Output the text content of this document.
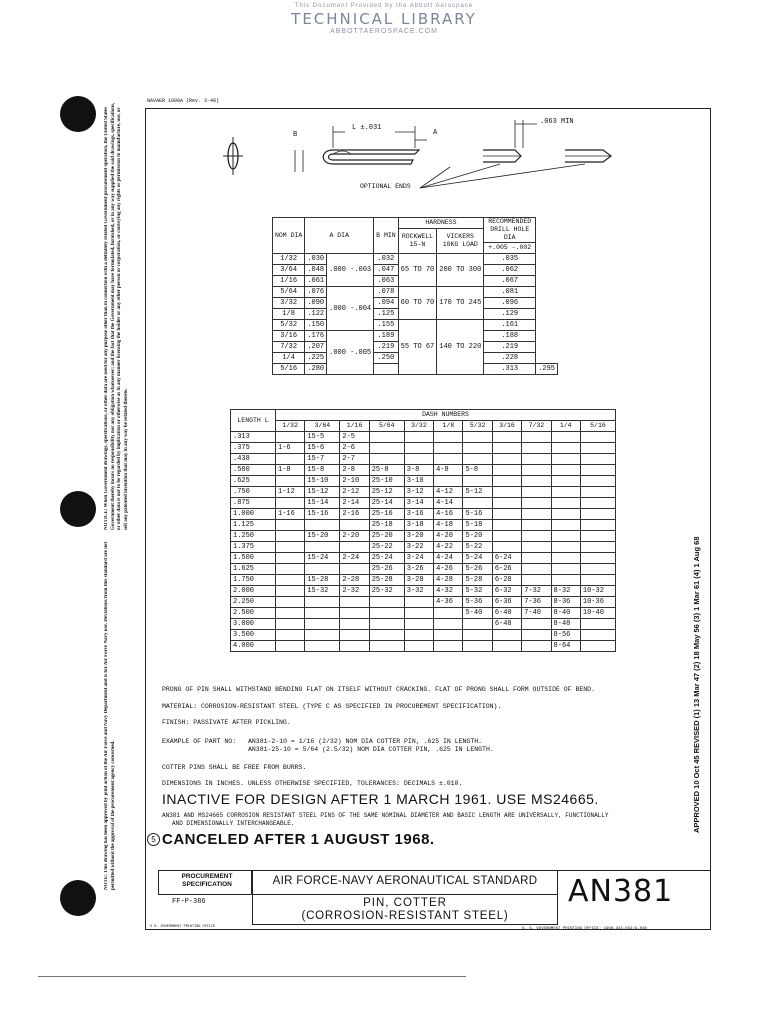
This Document Provided by the Abbott Aerospace
TECHNICAL LIBRARY
ABBOTTAEROSPACE.COM
NOTICE: When Government drawings, specifications, or other data are used for any purpose other than in connection with a definitely related Government procurement operation, the United States Government thereby incurs no responsibility nor any obligation whatsoever; and the fact that the Government may have formulated, furnished, or in any way supplied the said drawings, specifications, or other data is not to be regarded by implication or otherwise as in any manner licensing the holder or any other person or corporation, or conveying any rights or permission to manufacture, use, or sell any patented invention that may in any way be related thereto.
NOTE: This drawing has been approved by joint action of the Air Force and Navy Department and is for Air Force Navy use. Deviations from this standard are not permitted without the approval of the procurement agency concerned.
NAVAER 1000A (Rev. 3-48)
B
L ±.031
A
.063 MIN
OPTIONAL ENDS
NOM DIA	A DIA		B MIN	HARDNESS		RECOMMENDED DRILL HOLE DIA	
				ROCKWELL 15-N	VICKERS 10KG LOAD		
						+.005 -.002	
1/32	.030	.000 -.003	.032	65 TO 70	200 TO 300	.035	
3/64	.048		.047			.062	
1/16	.061		.063			.067	
5/64	.076	.000 -.004	.078	60 TO 70	170 TO 245	.081	
3/32	.090		.094			.096	
1/8	.122		.125			.129	
5/32	.150		.155	55 TO 67	140 TO 220	.161	
3/16	.176	.000 -.005	.189			.188	
7/32	.207		.219			.219	
1/4	.225		.250			.228	
5/16	.280					.313	.295
LENGTH L	DASH NUMBERS										
	1/32	3/64	1/16	5/64	3/32	1/8	5/32	3/16	7/32	1/4	5/16
.313		15-5	2-5								
.375	1-6	15-6	2-6								
.438		15-7	2-7								
.500	1-8	15-8	2-8	25-8	3-8	4-8	5-8				
.625		15-10	2-10	25-10	3-10						
.750	1-12	15-12	2-12	25-12	3-12	4-12	5-12				
.875		15-14	2-14	25-14	3-14	4-14					
1.000	1-16	15-16	2-16	25-16	3-16	4-16	5-16				
1.125				25-18	3-18	4-18	5-18				
1.250		15-20	2-20	25-20	3-20	4-20	5-20				
1.375				25-22	3-22	4-22	5-22				
1.500		15-24	2-24	25-24	3-24	4-24	5-24	6-24			
1.625				25-26	3-26	4-26	5-26	6-26			
1.750		15-28	2-28	25-28	3-28	4-28	5-28	6-28			
2.000		15-32	2-32	25-32	3-32	4-32	5-32	6-32	7-32	8-32	10-32
2.250						4-36	5-36	6-36	7-36	8-36	10-36
2.500							5-40	6-40	7-40	8-40	10-40
3.000								6-48		8-48	
3.500										8-56	
4.000										8-64	
PRONG OF PIN SHALL WITHSTAND BENDING FLAT ON ITSELF WITHOUT CRACKING. FLAT OF PRONG SHALL FORM OUTSIDE OF BEND.
MATERIAL: CORROSION-RESISTANT STEEL (TYPE C AS SPECIFIED IN PROCUREMENT SPECIFICATION).
FINISH: PASSIVATE AFTER PICKLING.
EXAMPLE OF PART NO: AN381-2-10 = 1/16 (2/32) NOM DIA COTTER PIN, .625 IN LENGTH.
AN381-25-10 = 5/64 (2.5/32) NOM DIA COTTER PIN, .625 IN LENGTH.
COTTER PINS SHALL BE FREE FROM BURRS.
DIMENSIONS IN INCHES. UNLESS OTHERWISE SPECIFIED, TOLERANCES: DECIMALS ±.010.
INACTIVE FOR DESIGN AFTER 1 MARCH 1961. USE MS24665.
AN381 AND MS24665 CORROSION RESISTANT STEEL PINS OF THE SAME NOMINAL DIAMETER AND BASIC LENGTH ARE UNIVERSALLY, FUNCTIONALLY
AND DIMENSIONALLY INTERCHANGEABLE.
5 CANCELED AFTER 1 AUGUST 1968.
APPROVED 10 Oct 45 REVISED (1) 13 Mar 47 (2) 18 May 56 (3) 1 Mar 61 (4) 1 Aug 68
PROCUREMENT SPECIFICATION
FF-P-386
AIR FORCE-NAVY AERONAUTICAL STANDARD
PIN, COTTER
(CORROSION-RESISTANT STEEL)
AN381
U.S. GOVERNMENT PRINTING OFFICE	U. S. GOVERNMENT PRINTING OFFICE: 1968-343-032/A-048
